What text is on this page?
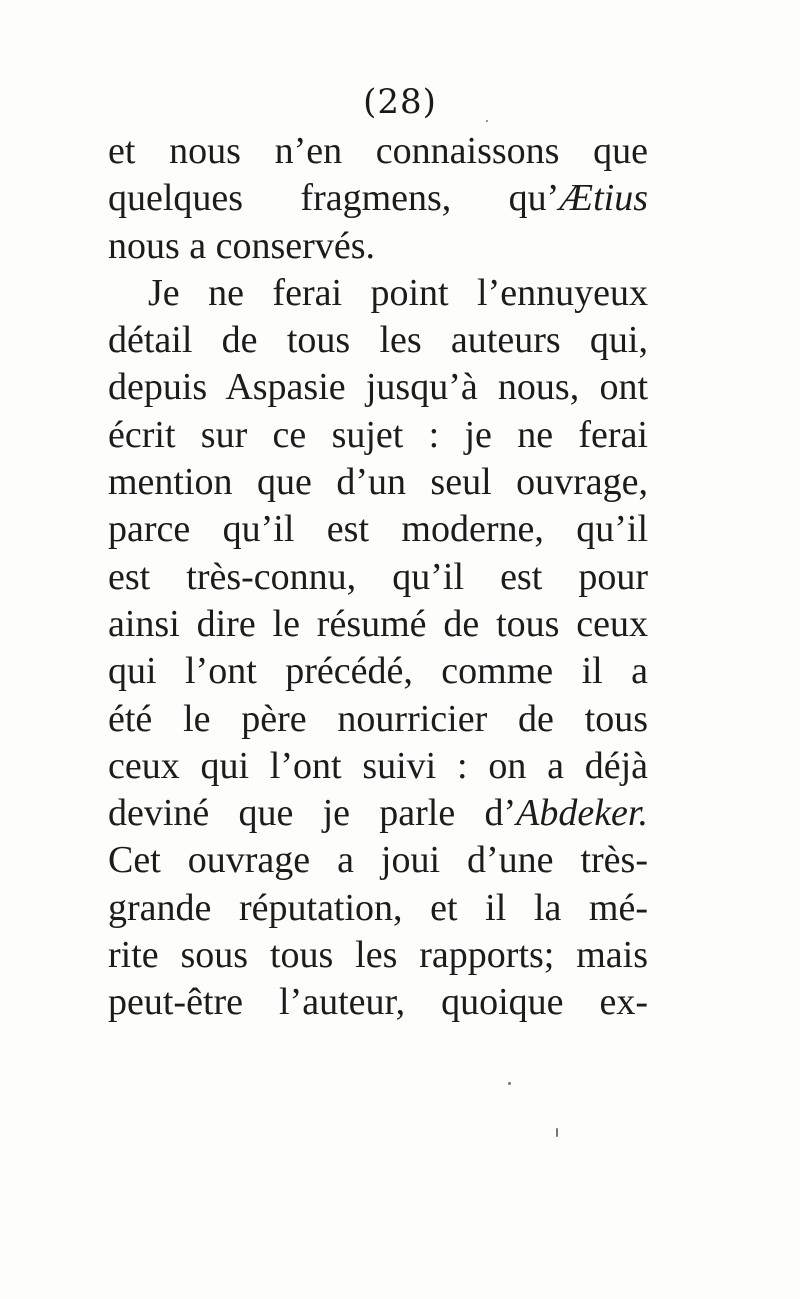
(28)
et nous n’en connaissons que
quelques fragmens, qu’Ætius
nous a conservés.
Je ne ferai point l’ennuyeux
détail de tous les auteurs qui,
depuis Aspasie jusqu’à nous, ont
écrit sur ce sujet : je ne ferai
mention que d’un seul ouvrage,
parce qu’il est moderne, qu’il
est très-connu, qu’il est pour
ainsi dire le résumé de tous ceux
qui l’ont précédé, comme il a
été le père nourricier de tous
ceux qui l’ont suivi : on a déjà
deviné que je parle d’Abdeker.
Cet ouvrage a joui d’une très-
grande réputation, et il la mé-
rite sous tous les rapports; mais
peut-être l’auteur, quoique ex-
